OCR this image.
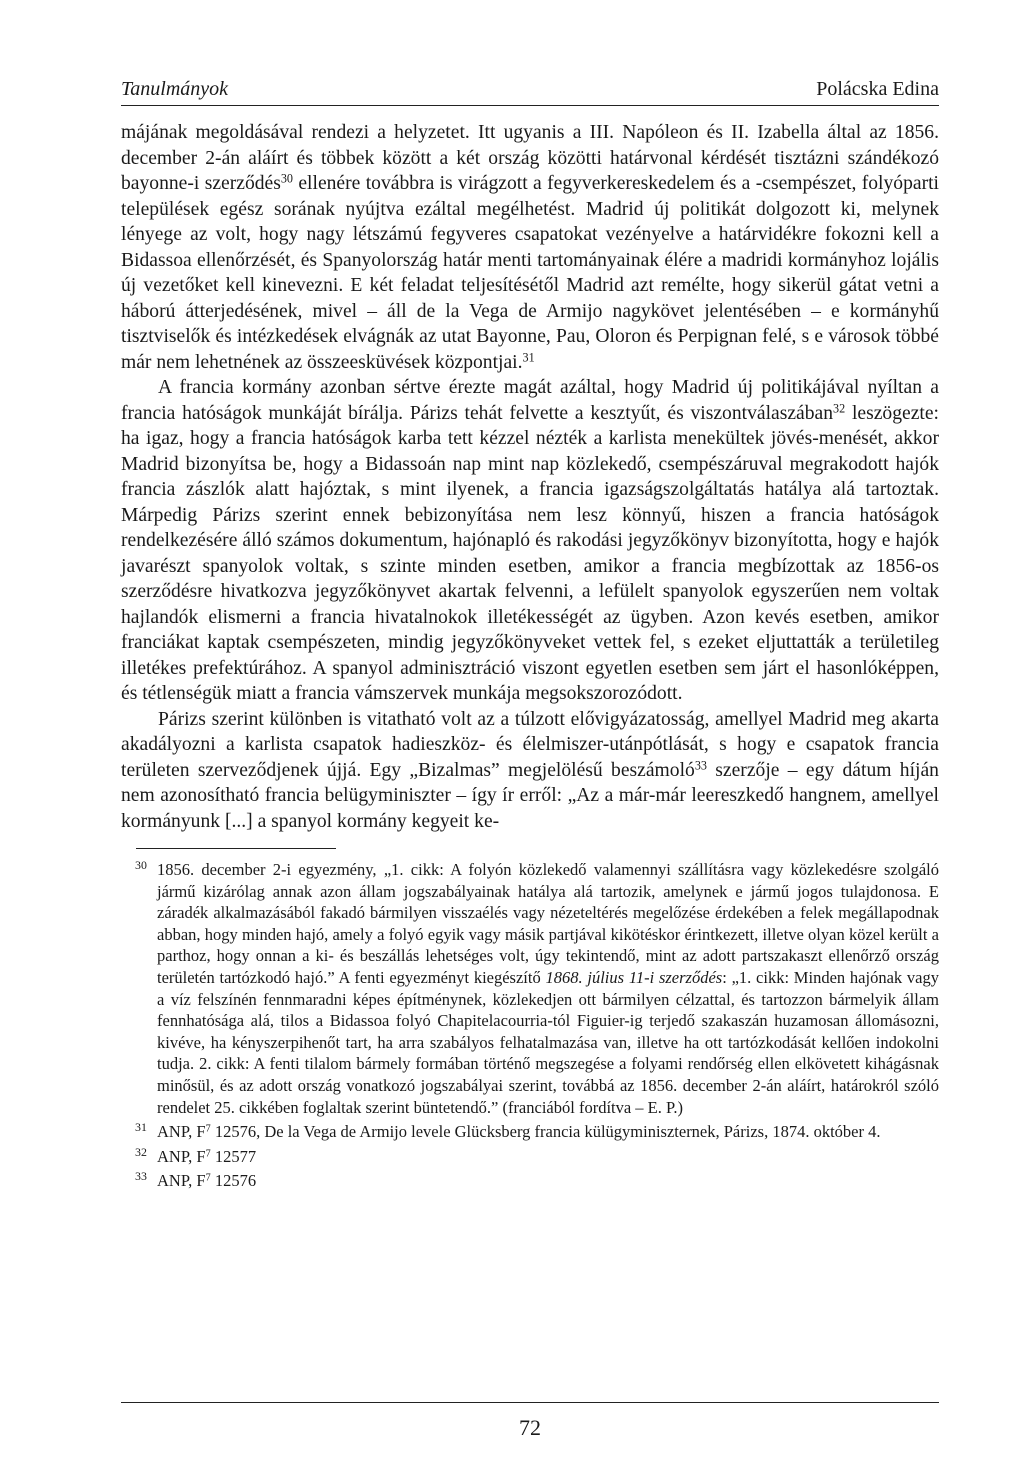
Tanulmányok	Polácska Edina

májának megoldásával rendezi a helyzetet. Itt ugyanis a III. Napóleon és II. Izabella által az 1856. december 2-án aláírt és többek között a két ország közötti határvonal kérdését tisztázni szándékozó bayonne-i szerződés$^{30}$ ellenére továbbra is virágzott a fegyverkereskedelem és a -csempészet, folyóparti települések egész sorának nyújtva ezáltal megélhetést. Madrid új politikát dolgozott ki, melynek lényege az volt, hogy nagy létszámú fegyveres csapatokat vezényelve a határvidékre fokozni kell a Bidassoa ellenőrzését, és Spanyolország határ menti tartományainak élére a madridi kormányhoz lojális új vezetőket kell kinevezni. E két feladat teljesítésétől Madrid azt remélte, hogy sikerül gátat vetni a háború átterjedésének, mivel – áll de la Vega de Armijo nagykövet jelentésében – e kormányhű tisztviselők és intézkedések elvágnák az utat Bayonne, Pau, Oloron és Perpignan felé, s e városok többé már nem lehetnének az összeesküvések központjai.$^{31}$

A francia kormány azonban sértve érezte magát azáltal, hogy Madrid új politikájával nyíltan a francia hatóságok munkáját bírálja. Párizs tehát felvette a kesztyűt, és viszontválaszában$^{32}$ leszögezte: ha igaz, hogy a francia hatóságok karba tett kézzel nézték a karlista menekültek jövés-menését, akkor Madrid bizonyítsa be, hogy a Bidassoán nap mint nap közlekedő, csempészáruval megrakodott hajók francia zászlók alatt hajóztak, s mint ilyenek, a francia igazságszolgáltatás hatálya alá tartoztak. Márpedig Párizs szerint ennek bebizonyítása nem lesz könnyű, hiszen a francia hatóságok rendelkezésére álló számos dokumentum, hajónapló és rakodási jegyzőkönyv bizonyította, hogy e hajók javarészt spanyolok voltak, s szinte minden esetben, amikor a francia megbízottak az 1856-os szerződésre hivatkozva jegyzőkönyvet akartak felvenni, a lefülelt spanyolok egyszerűen nem voltak hajlandók elismerni a francia hivatalnokok illetékességét az ügyben. Azon kevés esetben, amikor franciákat kaptak csempészeten, mindig jegyzőkönyveket vettek fel, s ezeket eljuttatták a területileg illetékes prefektúrához. A spanyol adminisztráció viszont egyetlen esetben sem járt el hasonlóképpen, és tétlenségük miatt a francia vámszervek munkája megsokszorozódott.

Párizs szerint különben is vitatható volt az a túlzott elővigyázatosság, amellyel Madrid meg akarta akadályozni a karlista csapatok hadieszköz- és élelmiszer-utánpótlását, s hogy e csapatok francia területen szerveződjenek újjá. Egy „Bizalmas” megjelölésű beszámoló$^{33}$ szerzője – egy dátum híján nem azonosítható francia belügyminiszter – így ír erről: „Az a már-már leereszkedő hangnem, amellyel kormányunk [...] a spanyol kormány kegyeit ke-

$^{30}$ 1856. december 2-i egyezmény, „1. cikk: A folyón közlekedő valamennyi szállításra vagy közlekedésre szolgáló jármű kizárólag annak azon állam jogszabályainak hatálya alá tartozik, amelynek e jármű jogos tulajdonosa. E záradék alkalmazásából fakadó bármilyen visszaélés vagy nézeteltérés megelőzése érdekében a felek megállapodnak abban, hogy minden hajó, amely a folyó egyik vagy másik partjával kikötéskor érintkezett, illetve olyan közel került a parthoz, hogy onnan a ki- és beszállás lehetséges volt, úgy tekintendő, mint az adott partszakaszt ellenőrző ország területén tartózkodó hajó.” A fenti egyezményt kiegészítő 1868. július 11-i szerződés: „1. cikk: Minden hajónak vagy a víz felszínén fennmaradni képes építménynek, közlekedjen ott bármilyen célzattal, és tartozzon bármelyik állam fennhatósága alá, tilos a Bidassoa folyó Chapitelacourria-tól Figuier-ig terjedő szakaszán huzamosan állomásozni, kivéve, ha kényszerpihenőt tart, ha arra szabályos felhatalmazása van, illetve ha ott tartózkodását kellően indokolni tudja. 2. cikk: A fenti tilalom bármely formában történő megszegése a folyami rendőrség ellen elkövetett kihágásnak minősül, és az adott ország vonatkozó jogszabályai szerint, továbbá az 1856. december 2-án aláírt, határokról szóló rendelet 25. cikkében foglaltak szerint büntetendő.” (franciából fordítva – E. P.)
$^{31}$ ANP, $F^7$ 12576, De la Vega de Armijo levele Glücksberg francia külügyminiszternek, Párizs, 1874. október 4.
$^{32}$ ANP, $F^7$ 12577
$^{33}$ ANP, $F^7$ 12576
72
